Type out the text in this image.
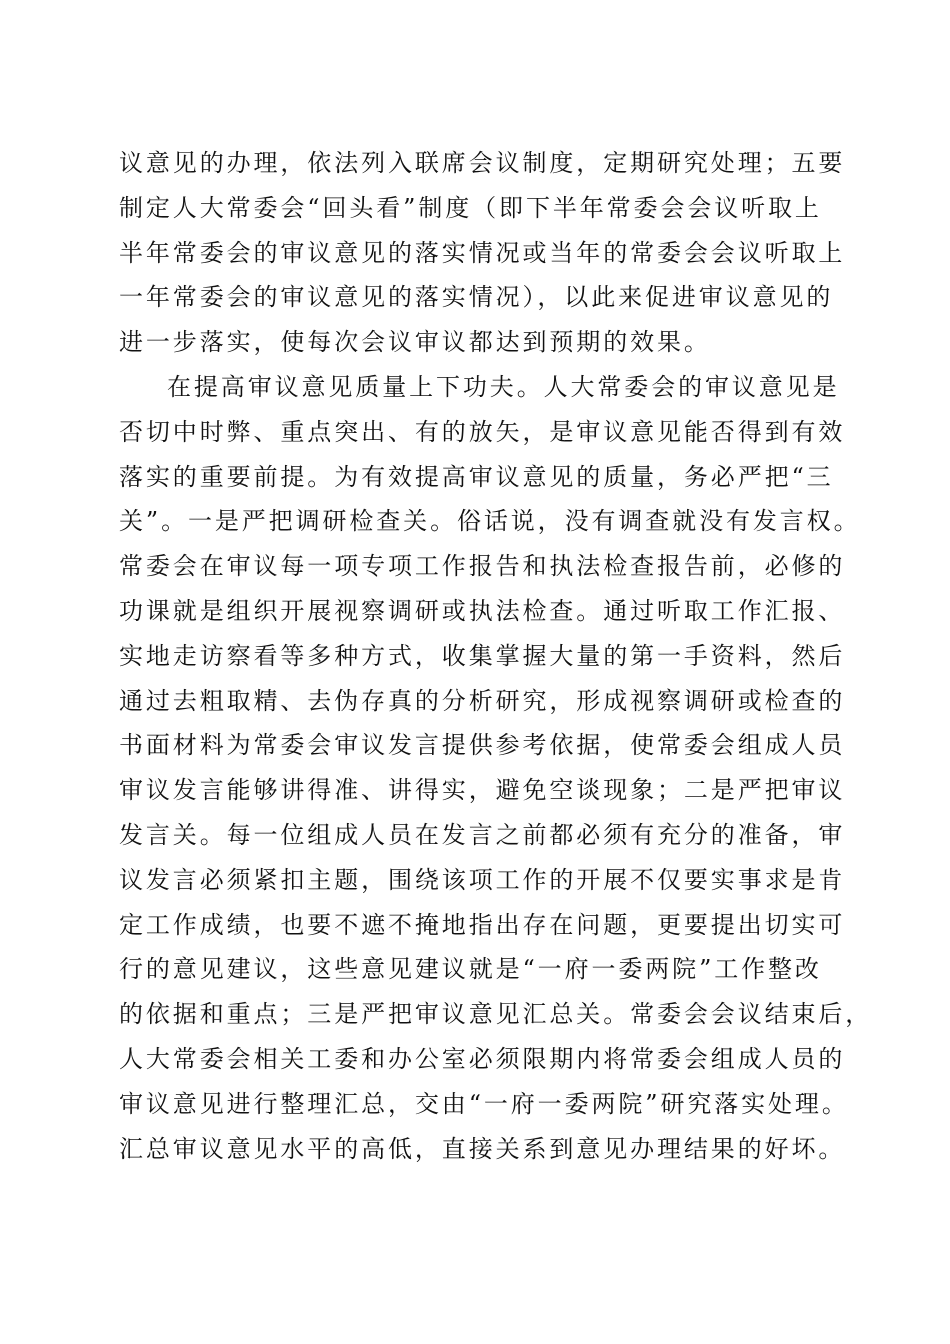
议意见的办理，依法列入联席会议制度，定期研究处理；五要
制定人大常委会“回头看”制度（即下半年常委会会议听取上
半年常委会的审议意见的落实情况或当年的常委会会议听取上
一年常委会的审议意见的落实情况），以此来促进审议意见的
进一步落实，使每次会议审议都达到预期的效果。
在提高审议意见质量上下功夫。人大常委会的审议意见是
否切中时弊、重点突出、有的放矢，是审议意见能否得到有效
落实的重要前提。为有效提高审议意见的质量，务必严把“三
关”。一是严把调研检查关。俗话说，没有调查就没有发言权。
常委会在审议每一项专项工作报告和执法检查报告前，必修的
功课就是组织开展视察调研或执法检查。通过听取工作汇报、
实地走访察看等多种方式，收集掌握大量的第一手资料，然后
通过去粗取精、去伪存真的分析研究，形成视察调研或检查的
书面材料为常委会审议发言提供参考依据，使常委会组成人员
审议发言能够讲得准、讲得实，避免空谈现象；二是严把审议
发言关。每一位组成人员在发言之前都必须有充分的准备，审
议发言必须紧扣主题，围绕该项工作的开展不仅要实事求是肯
定工作成绩，也要不遮不掩地指出存在问题，更要提出切实可
行的意见建议，这些意见建议就是“一府一委两院”工作整改
的依据和重点；三是严把审议意见汇总关。常委会会议结束后，
人大常委会相关工委和办公室必须限期内将常委会组成人员的
审议意见进行整理汇总，交由“一府一委两院”研究落实处理。
汇总审议意见水平的高低，直接关系到意见办理结果的好坏。
